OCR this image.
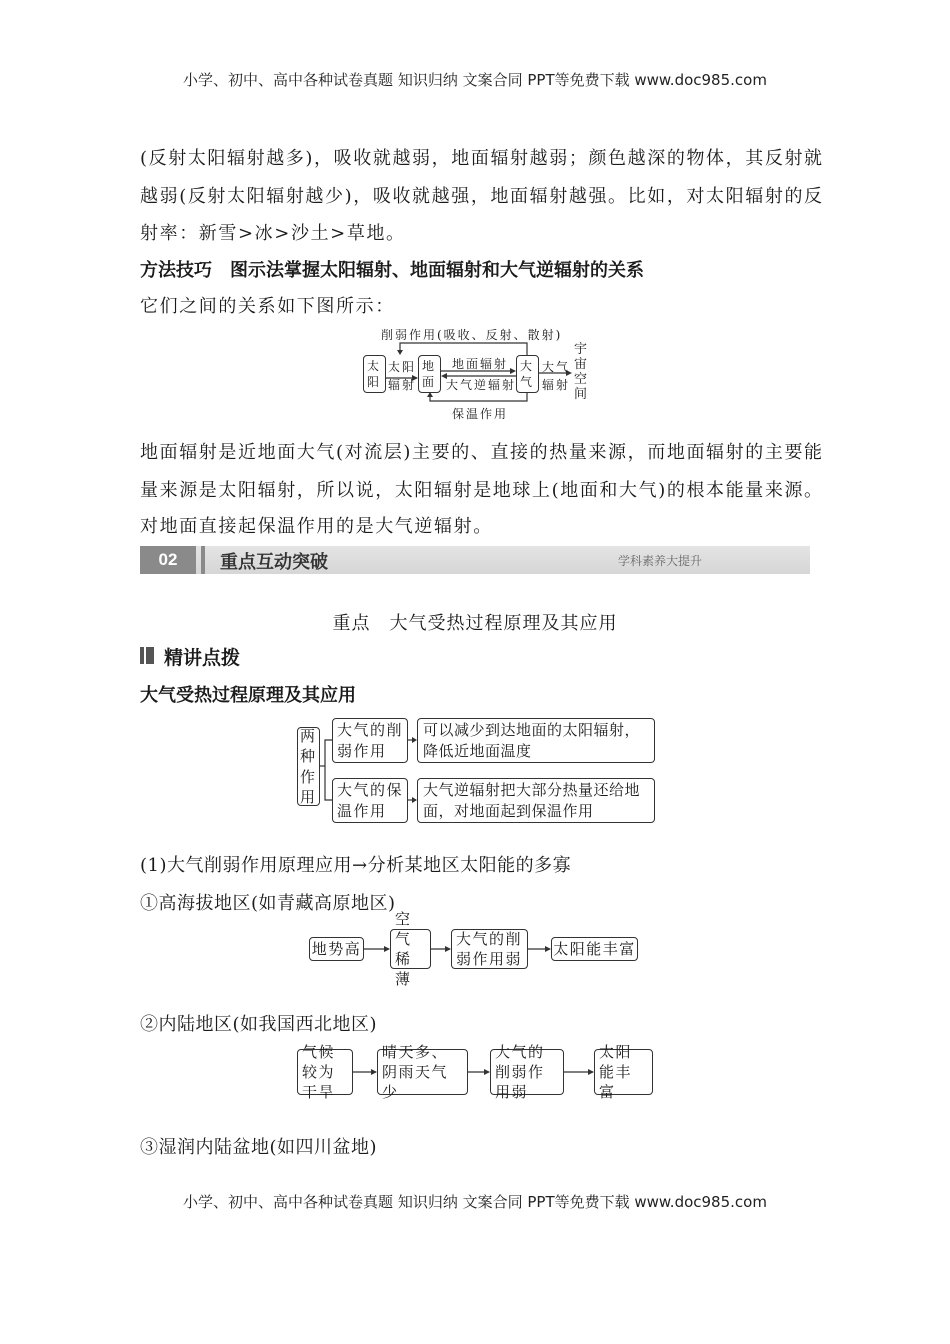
小学、初中、高中各种试卷真题 知识归纳 文案合同 PPT等免费下载 www.doc985.com
(反射太阳辐射越多)，吸收就越弱，地面辐射越弱；颜色越深的物体，其反射就
越弱(反射太阳辐射越少)，吸收就越强，地面辐射越强。比如，对太阳辐射的反
射率：新雪>冰>沙土>草地。
方法技巧　图示法掌握太阳辐射、地面辐射和大气逆辐射的关系
它们之间的关系如下图所示：
削弱作用(吸收、反射、散射)
太阳
太阳辐射
地面
地面辐射
大气逆辐射
大气
大气辐射
宇宙空间
保温作用
地面辐射是近地面大气(对流层)主要的、直接的热量来源，而地面辐射的主要能
量来源是太阳辐射，所以说，太阳辐射是地球上(地面和大气)的根本能量来源。
对地面直接起保温作用的是大气逆辐射。
02	重点互动突破	学科素养大提升
重点　大气受热过程原理及其应用
精讲点拨
大气受热过程原理及其应用
两种作用
大气的削弱作用
可以减少到达地面的太阳辐射，降低近地面温度
大气的保温作用
大气逆辐射把大部分热量还给地面，对地面起到保温作用
(1)大气削弱作用原理应用→分析某地区太阳能的多寡
①高海拔地区(如青藏高原地区)
地势高
空气稀薄
大气的削弱作用弱
太阳能丰富
②内陆地区(如我国西北地区)
气候较为干旱
晴天多、阴雨天气少
大气的削弱作用弱
太阳能丰富
③湿润内陆盆地(如四川盆地)
小学、初中、高中各种试卷真题 知识归纳 文案合同 PPT等免费下载 www.doc985.com
